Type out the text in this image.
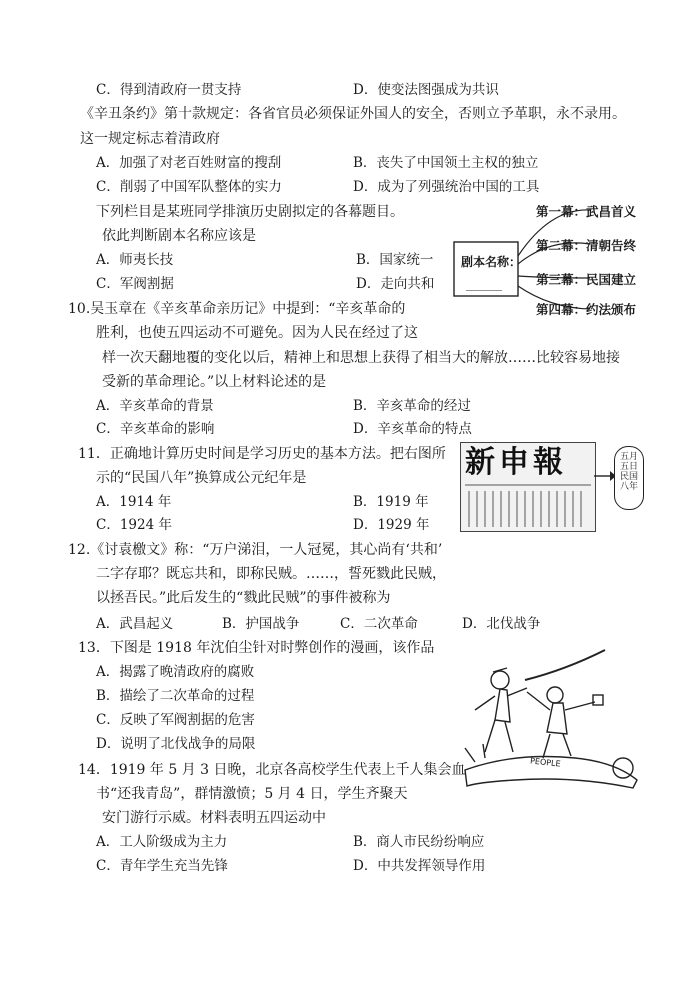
C．得到清政府一贯支持	D．使变法图强成为共识
《辛丑条约》第十款规定：各省官员必须保证外国人的安全，否则立予革职，永不录用。
这一规定标志着清政府
A．加强了对老百姓财富的搜刮	B．丧失了中国领土主权的独立
C．削弱了中国军队整体的实力	D．成为了列强统治中国的工具
下列栏目是某班同学排演历史剧拟定的各幕题目。
依此判断剧本名称应该是
A．师夷长技	B．国家统一
C．军阀割据	D．走向共和
剧本名称：
______
第一幕：武昌首义
第二幕：清朝告终
第三幕：民国建立
第四幕：约法颁布
10.吴玉章在《辛亥革命亲历记》中提到：“辛亥革命的
胜利，也使五四运动不可避免。因为人民在经过了这
样一次天翻地覆的变化以后，精神上和思想上获得了相当大的解放……比较容易地接
受新的革命理论。”以上材料论述的是
A．辛亥革命的背景	B．辛亥革命的经过
C．辛亥革命的影响	D．辛亥革命的特点
11．正确地计算历史时间是学习历史的基本方法。把右图所
示的“民国八年”换算成公元纪年是
A．1914 年	B．1919 年
C．1924 年	D．1929 年
新申報	五月五日民国八年
12.《讨袁檄文》称：“万户涕泪，一人冠冕，其心尚有‘共和’
二字存耶？既忘共和，即称民贼。……，誓死戮此民贼，
以拯吾民。”此后发生的“戮此民贼”的事件被称为
A．武昌起义	B．护国战争	C．二次革命	D．北伐战争
13．下图是 1918 年沈伯尘针对时弊创作的漫画，该作品
A．揭露了晚清政府的腐败
B．描绘了二次革命的过程
C．反映了军阀割据的危害
D．说明了北伐战争的局限
PEOPLE
14．1919 年 5 月 3 日晚，北京各高校学生代表上千人集会血
书“还我青岛”，群情激愤；5 月 4 日，学生齐聚天
安门游行示威。材料表明五四运动中
A．工人阶级成为主力	B．商人市民纷纷响应
C．青年学生充当先锋	D．中共发挥领导作用
